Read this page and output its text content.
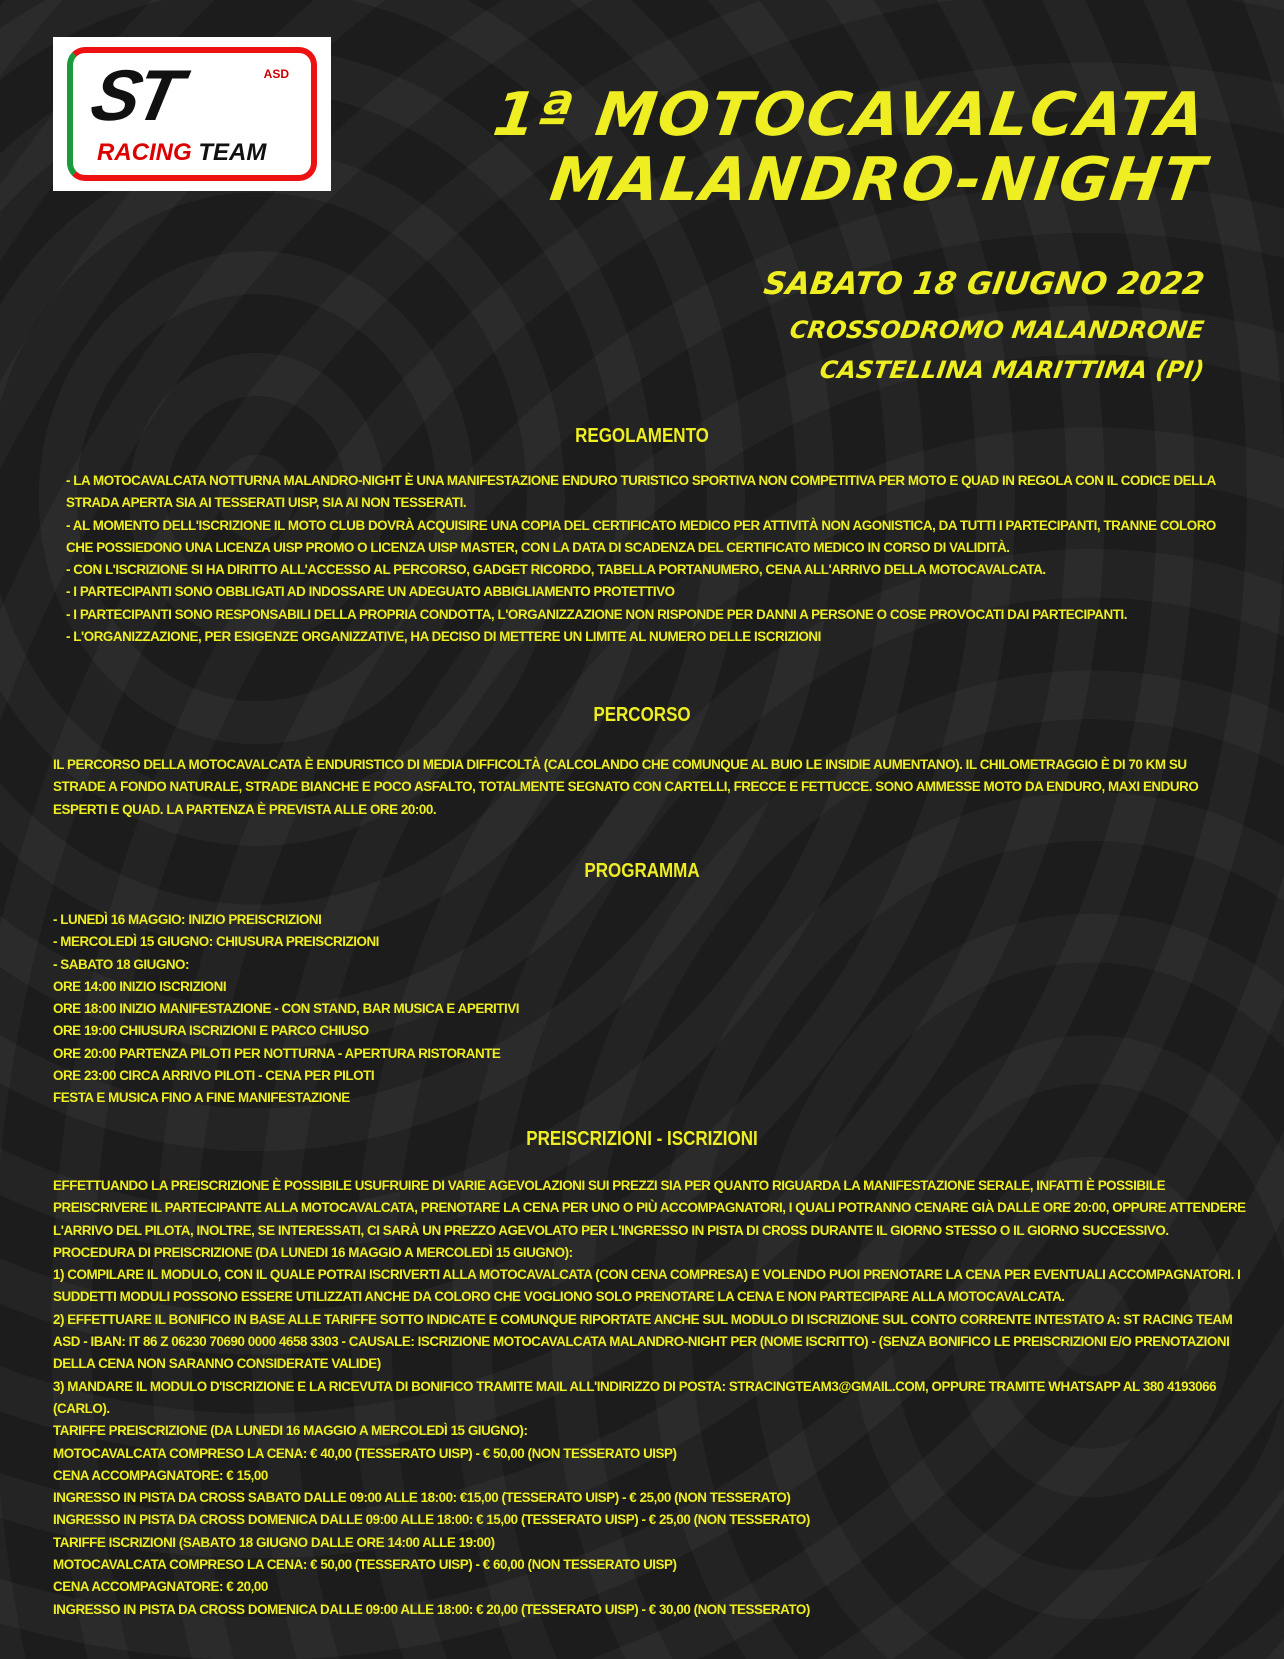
ST	ASD
RACING TEAM
1ª MOTOCAVALCATA
MALANDRO-NIGHT
SABATO 18 GIUGNO 2022
CROSSODROMO MALANDRONE
CASTELLINA MARITTIMA (PI)
REGOLAMENTO
- LA MOTOCAVALCATA NOTTURNA MALANDRO-NIGHT È UNA MANIFESTAZIONE ENDURO TURISTICO SPORTIVA NON COMPETITIVA PER MOTO E QUAD IN REGOLA CON IL CODICE DELLA STRADA APERTA SIA AI TESSERATI UISP, SIA AI NON TESSERATI.
- AL MOMENTO DELL'ISCRIZIONE IL MOTO CLUB DOVRÀ ACQUISIRE UNA COPIA DEL CERTIFICATO MEDICO PER ATTIVITÀ NON AGONISTICA, DA TUTTI I PARTECIPANTI, TRANNE COLORO CHE POSSIEDONO UNA LICENZA UISP PROMO O LICENZA UISP MASTER, CON LA DATA DI SCADENZA DEL CERTIFICATO MEDICO IN CORSO DI VALIDITÀ.
- CON L'ISCRIZIONE SI HA DIRITTO ALL'ACCESSO AL PERCORSO, GADGET RICORDO, TABELLA PORTANUMERO, CENA ALL'ARRIVO DELLA MOTOCAVALCATA.
- I PARTECIPANTI SONO OBBLIGATI AD INDOSSARE UN ADEGUATO ABBIGLIAMENTO PROTETTIVO
- I PARTECIPANTI SONO RESPONSABILI DELLA PROPRIA CONDOTTA, L'ORGANIZZAZIONE NON RISPONDE PER DANNI A PERSONE O COSE PROVOCATI DAI PARTECIPANTI.
- L'ORGANIZZAZIONE, PER ESIGENZE ORGANIZZATIVE, HA DECISO DI METTERE UN LIMITE AL NUMERO DELLE ISCRIZIONI
PERCORSO
IL PERCORSO DELLA MOTOCAVALCATA È ENDURISTICO DI MEDIA DIFFICOLTÀ (CALCOLANDO CHE COMUNQUE AL BUIO LE INSIDIE AUMENTANO). IL CHILOMETRAGGIO È DI 70 KM SU STRADE A FONDO NATURALE, STRADE BIANCHE E POCO ASFALTO, TOTALMENTE SEGNATO CON CARTELLI, FRECCE E FETTUCCE. SONO AMMESSE MOTO DA ENDURO, MAXI ENDURO ESPERTI E QUAD. LA PARTENZA È PREVISTA ALLE ORE 20:00.
PROGRAMMA
- LUNEDÌ 16 MAGGIO: INIZIO PREISCRIZIONI
- MERCOLEDÌ 15 GIUGNO: CHIUSURA PREISCRIZIONI
- SABATO 18 GIUGNO:
ORE 14:00 INIZIO ISCRIZIONI
ORE 18:00 INIZIO MANIFESTAZIONE - CON STAND, BAR MUSICA E APERITIVI
ORE 19:00 CHIUSURA ISCRIZIONI E PARCO CHIUSO
ORE 20:00 PARTENZA PILOTI PER NOTTURNA - APERTURA RISTORANTE
ORE 23:00 CIRCA ARRIVO PILOTI - CENA PER PILOTI
FESTA E MUSICA FINO A FINE MANIFESTAZIONE
PREISCRIZIONI - ISCRIZIONI
EFFETTUANDO LA PREISCRIZIONE È POSSIBILE USUFRUIRE DI VARIE AGEVOLAZIONI SUI PREZZI SIA PER QUANTO RIGUARDA LA MANIFESTAZIONE SERALE, INFATTI È POSSIBILE PREISCRIVERE IL PARTECIPANTE ALLA MOTOCAVALCATA, PRENOTARE LA CENA PER UNO O PIÙ ACCOMPAGNATORI, I QUALI POTRANNO CENARE GIÀ DALLE ORE 20:00, OPPURE ATTENDERE L'ARRIVO DEL PILOTA, INOLTRE, SE INTERESSATI, CI SARÀ UN PREZZO AGEVOLATO PER L'INGRESSO IN PISTA DI CROSS DURANTE IL GIORNO STESSO O IL GIORNO SUCCESSIVO.
PROCEDURA DI PREISCRIZIONE (DA LUNEDI 16 MAGGIO A MERCOLEDÌ 15 GIUGNO):
1) COMPILARE IL MODULO, CON IL QUALE POTRAI ISCRIVERTI ALLA MOTOCAVALCATA (CON CENA COMPRESA) E VOLENDO PUOI PRENOTARE LA CENA PER EVENTUALI ACCOMPAGNATORI. I SUDDETTI MODULI POSSONO ESSERE UTILIZZATI ANCHE DA COLORO CHE VOGLIONO SOLO PRENOTARE LA CENA E NON PARTECIPARE ALLA MOTOCAVALCATA.
2) EFFETTUARE IL BONIFICO IN BASE ALLE TARIFFE SOTTO INDICATE E COMUNQUE RIPORTATE ANCHE SUL MODULO DI ISCRIZIONE SUL CONTO CORRENTE INTESTATO A: ST RACING TEAM ASD - IBAN: IT 86 Z 06230 70690 0000 4658 3303 - CAUSALE: ISCRIZIONE MOTOCAVALCATA MALANDRO-NIGHT PER (NOME ISCRITTO) - (SENZA BONIFICO LE PREISCRIZIONI E/O PRENOTAZIONI DELLA CENA NON SARANNO CONSIDERATE VALIDE)
3) MANDARE IL MODULO D'ISCRIZIONE E LA RICEVUTA DI BONIFICO TRAMITE MAIL ALL'INDIRIZZO DI POSTA: STRACINGTEAM3@GMAIL.COM, OPPURE TRAMITE WHATSAPP AL 380 4193066 (CARLO).
TARIFFE PREISCRIZIONE (DA LUNEDI 16 MAGGIO A MERCOLEDÌ 15 GIUGNO):
MOTOCAVALCATA COMPRESO LA CENA: € 40,00 (TESSERATO UISP) - € 50,00 (NON TESSERATO UISP)
CENA ACCOMPAGNATORE: € 15,00
INGRESSO IN PISTA DA CROSS SABATO DALLE 09:00 ALLE 18:00: €15,00 (TESSERATO UISP) - € 25,00 (NON TESSERATO)
INGRESSO IN PISTA DA CROSS DOMENICA DALLE 09:00 ALLE 18:00: € 15,00 (TESSERATO UISP) - € 25,00 (NON TESSERATO)
TARIFFE ISCRIZIONI (SABATO 18 GIUGNO DALLE ORE 14:00 ALLE 19:00)
MOTOCAVALCATA COMPRESO LA CENA: € 50,00 (TESSERATO UISP) - € 60,00 (NON TESSERATO UISP)
CENA ACCOMPAGNATORE: € 20,00
INGRESSO IN PISTA DA CROSS DOMENICA DALLE 09:00 ALLE 18:00: € 20,00 (TESSERATO UISP) - € 30,00 (NON TESSERATO)
